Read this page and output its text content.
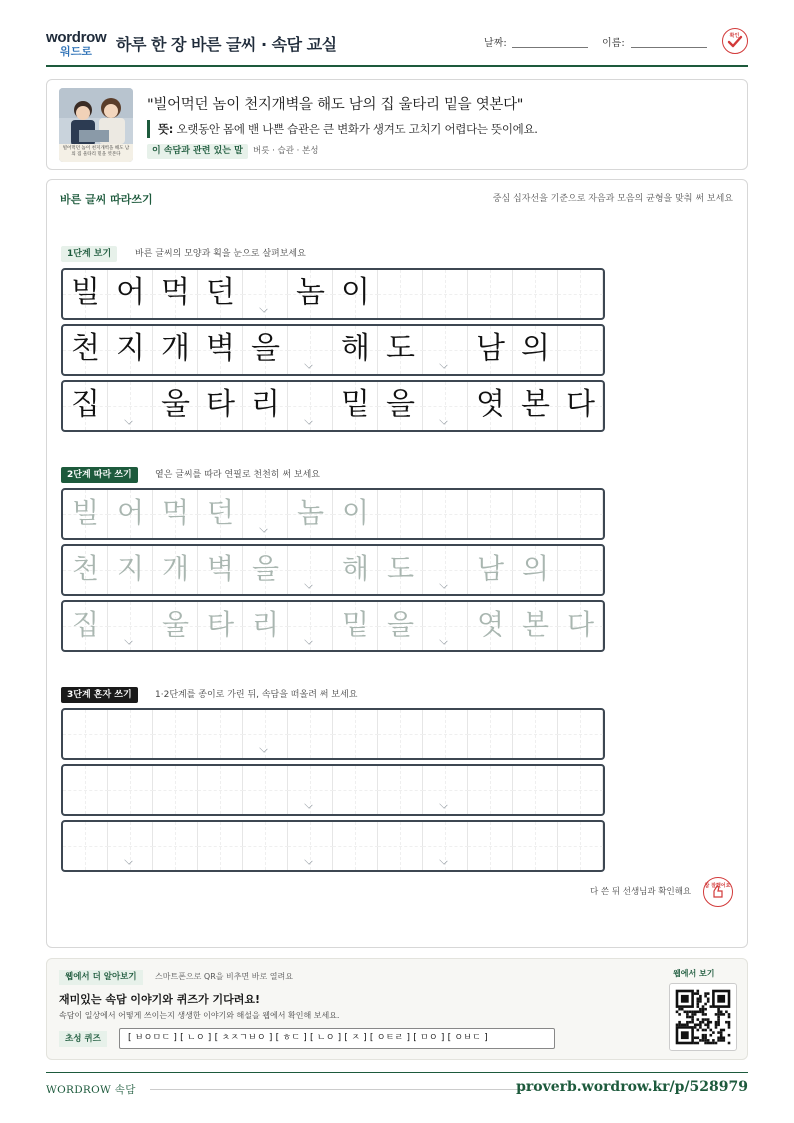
wordrow
워드로	하루 한 장 바른 글씨 · 속담 교실	날짜:	이름:
확인
빌어먹던 놈이 천지개벽을 해도 남의 집 울타리 밑을 엿본다
"빌어먹던 놈이 천지개벽을 해도 남의 집 울타리 밑을 엿본다"
뜻: 오랫동안 몸에 밴 나쁜 습관은 큰 변화가 생겨도 고치기 어렵다는 뜻이에요.
이 속담과 관련 있는 말	버릇 · 습관 · 본성
바른 글씨 따라쓰기	중심 십자선을 기준으로 자음과 모음의 균형을 맞춰 써 보세요
1단계 보기	바른 글씨의 모양과 획을 눈으로 살펴보세요
2단계 따라 쓰기	옅은 글씨를 따라 연필로 천천히 써 보세요
3단계 혼자 쓰기	1·2단계를 종이로 가린 뒤, 속담을 떠올려 써 보세요
빌 어 먹 던 놈 이
천 지 개 벽 을 해 도 남 의
집 울 타 리 밑 을 엿 본 다
빌 어 먹 던	놈 이
천 지 개 벽 을	해 도	남 의
집	울 타 리	밑 을	엿 본 다
다 쓴 뒤 선생님과 확인해요
참 잘했어요
웹에서 더 알아보기	스마트폰으로 QR을 비추면 바로 열려요
재미있는 속담 이야기와 퀴즈가 기다려요!
속담이 일상에서 어떻게 쓰이는지 생생한 이야기와 해설을 웹에서 확인해 보세요.
초성 퀴즈	[ ㅂㅇㅁㄷ ] [ ㄴㅇ ] [ ㅊㅈㄱㅂㅇ ] [ ㅎㄷ ] [ ㄴㅇ ] [ ㅈ ] [ ㅇㅌㄹ ] [ ㅁㅇ ] [ ㅇㅂㄷ ]
웹에서 보기
WORDROW 속담	proverb.wordrow.kr/p/528979
